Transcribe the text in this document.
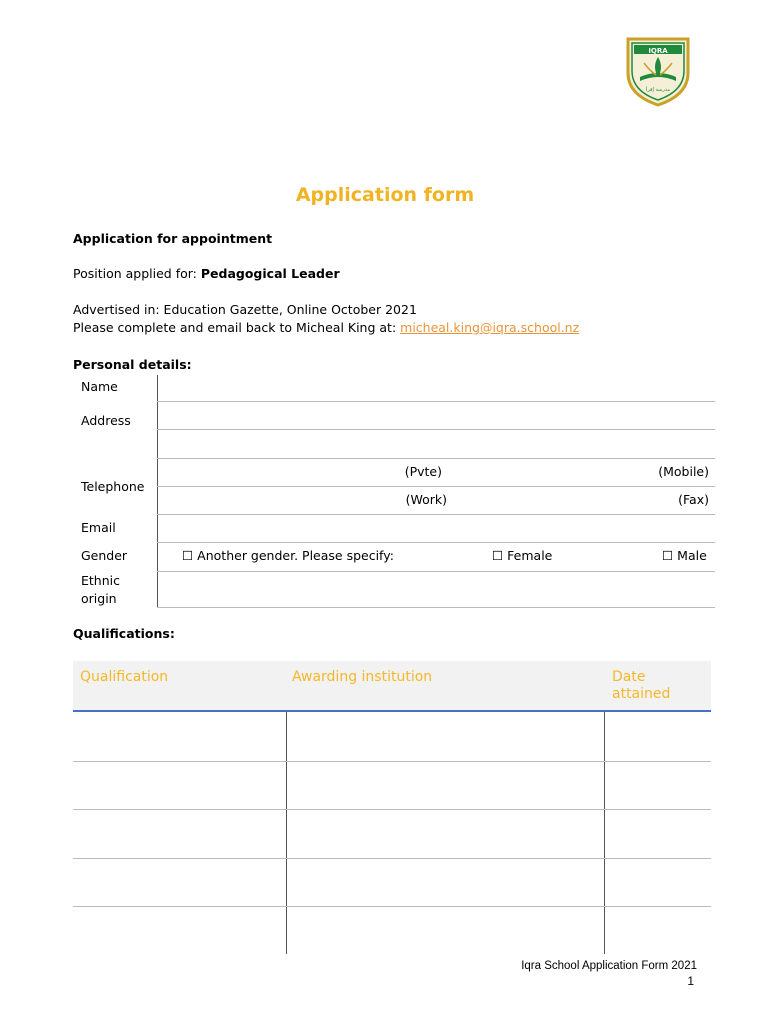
IQRA
مدرسة إقرأ
Application form
Application for appointment
Position applied for: Pedagogical Leader
Advertised in: Education Gazette, Online October 2021
Please complete and email back to Micheal King at: micheal.king@iqra.school.nz
Personal details:
Name
Address
Telephone
(Pvte)	(Mobile)
(Work)	(Fax)
Email
Gender	☐ Another gender. Please specify:	☐ Female	☐ Male
Ethnic
origin
Qualifications:
Qualification	Awarding institution	Date
attained
Iqra School Application Form 2021
1
